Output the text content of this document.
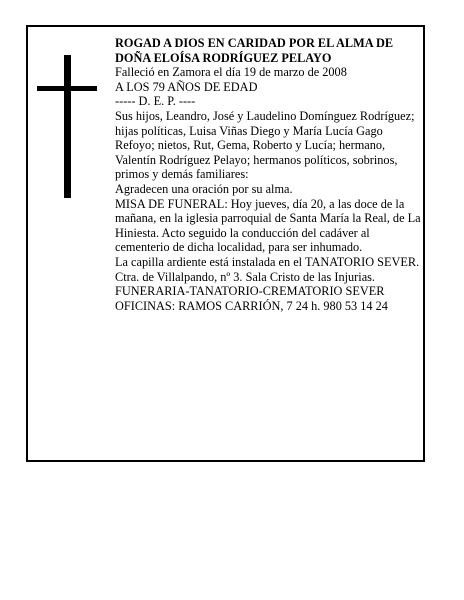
ROGAD A DIOS EN CARIDAD POR EL ALMA DE

DOÑA ELOÍSA RODRÍGUEZ PELAYO

Falleció en Zamora el día 19 de marzo de 2008

A LOS 79 AÑOS DE EDAD

----- D. E. P. ----

Sus hijos, Leandro, José y Laudelino Domínguez Rodríguez; hijas políticas, Luisa Viñas Diego y María Lucía Gago Refoyo; nietos, Rut, Gema, Roberto y Lucía; hermano, Valentín Rodríguez Pelayo; hermanos políticos, sobrinos, primos y demás familiares:

Agradecen una oración por su alma.

MISA DE FUNERAL: Hoy jueves, día 20, a las doce de la mañana, en la iglesia parroquial de Santa María la Real, de La Hiniesta. Acto seguido la conducción del cadáver al cementerio de dicha localidad, para ser inhumado.

La capilla ardiente está instalada en el TANATORIO SEVER. Ctra. de Villalpando, nº 3. Sala Cristo de las Injurias.

FUNERARIA-TANATORIO-CREMATORIO SEVER

OFICINAS: RAMOS CARRIÓN, 7 24 h. 980 53 14 24
